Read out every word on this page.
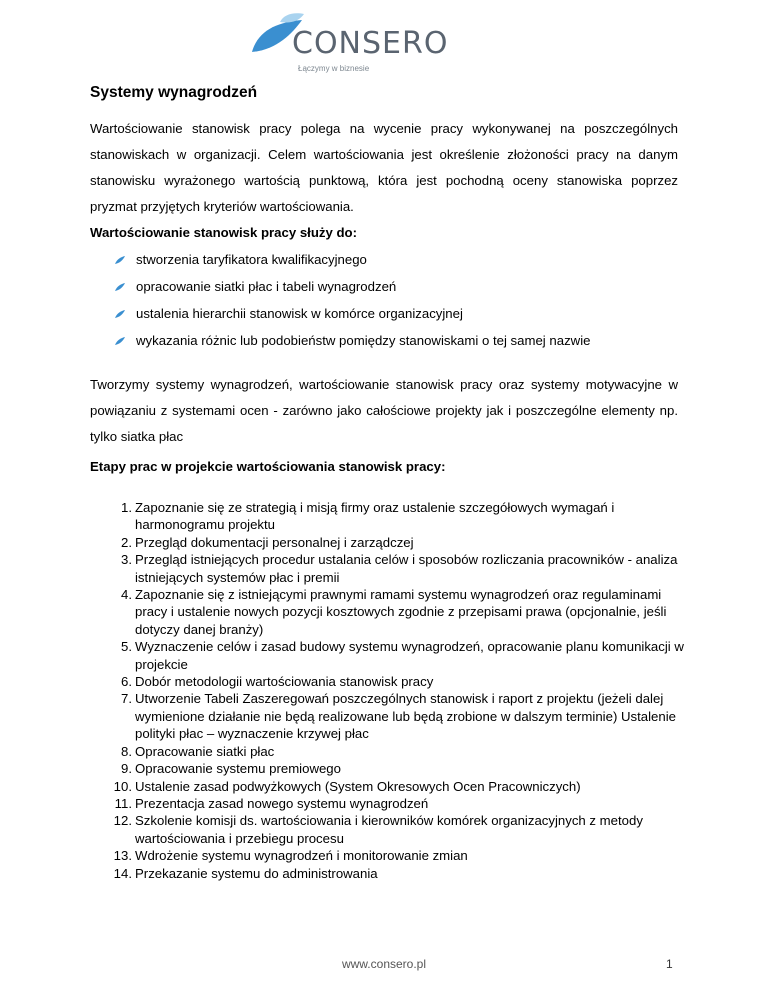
CONSERO
Łączymy w biznesie
Systemy wynagrodzeń

Wartościowanie stanowisk pracy polega na wycenie pracy wykonywanej na poszczególnych stanowiskach w organizacji. Celem wartościowania jest określenie złożoności pracy na danym stanowisku wyrażonego wartością punktową, która jest pochodną oceny stanowiska poprzez pryzmat przyjętych kryteriów wartościowania.

Wartościowanie stanowisk pracy służy do:

stworzenia taryfikatora kwalifikacyjnego
opracowanie siatki płac i tabeli wynagrodzeń
ustalenia hierarchii stanowisk w komórce organizacyjnej
wykazania różnic lub podobieństw pomiędzy stanowiskami o tej samej nazwie

Tworzymy systemy wynagrodzeń, wartościowanie stanowisk pracy oraz systemy motywacyjne w powiązaniu z systemami ocen - zarówno jako całościowe projekty jak i poszczególne elementy np. tylko siatka płac

Etapy prac w projekcie wartościowania stanowisk pracy:

1. Zapoznanie się ze strategią i misją firmy oraz ustalenie szczegółowych wymagań i harmonogramu projektu
2. Przegląd dokumentacji personalnej i zarządczej
3. Przegląd istniejących procedur ustalania celów i sposobów rozliczania pracowników - analiza istniejących systemów płac i premii
4. Zapoznanie się z istniejącymi prawnymi ramami systemu wynagrodzeń oraz regulaminami pracy i ustalenie nowych pozycji kosztowych zgodnie z przepisami prawa (opcjonalnie, jeśli dotyczy danej branży)
5. Wyznaczenie celów i zasad budowy systemu wynagrodzeń, opracowanie planu komunikacji w projekcie
6. Dobór metodologii wartościowania stanowisk pracy
7. Utworzenie Tabeli Zaszeregowań poszczególnych stanowisk i raport z projektu (jeżeli dalej wymienione działanie nie będą realizowane lub będą zrobione w dalszym terminie) Ustalenie polityki płac – wyznaczenie krzywej płac
8. Opracowanie siatki płac
9. Opracowanie systemu premiowego
10. Ustalenie zasad podwyżkowych (System Okresowych Ocen Pracowniczych)
11. Prezentacja zasad nowego systemu wynagrodzeń
12. Szkolenie komisji ds. wartościowania i kierowników komórek organizacyjnych z metody wartościowania i przebiegu procesu
13. Wdrożenie systemu wynagrodzeń i monitorowanie zmian
14. Przekazanie systemu do administrowania
www.consero.pl	1
